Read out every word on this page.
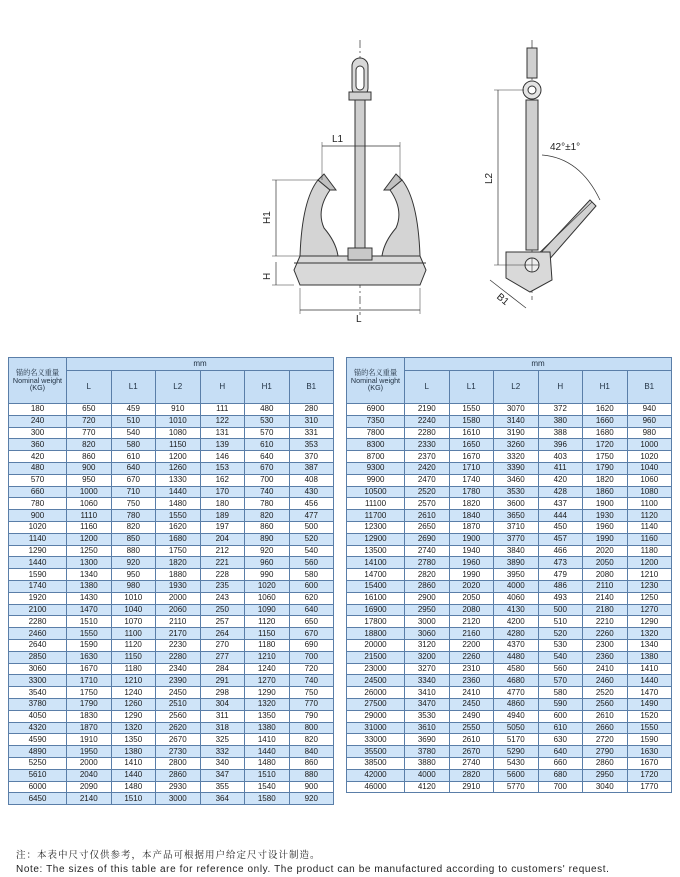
L1
H1
H
L
L2
42°±1°
B1
锚的名义重量 Nominal weight (KG)	mm					
	L	L1	L2	H	H1	B1
180	650	459	910	111	480	280
240	720	510	1010	122	530	310
300	770	540	1080	131	570	331
360	820	580	1150	139	610	353
420	860	610	1200	146	640	370
480	900	640	1260	153	670	387
570	950	670	1330	162	700	408
660	1000	710	1440	170	740	430
780	1060	750	1480	180	780	456
900	1110	780	1550	189	820	477
1020	1160	820	1620	197	860	500
1140	1200	850	1680	204	890	520
1290	1250	880	1750	212	920	540
1440	1300	920	1820	221	960	560
1590	1340	950	1880	228	990	580
1740	1380	980	1930	235	1020	600
1920	1430	1010	2000	243	1060	620
2100	1470	1040	2060	250	1090	640
2280	1510	1070	2110	257	1120	650
2460	1550	1100	2170	264	1150	670
2640	1590	1120	2230	270	1180	690
2850	1630	1150	2280	277	1210	700
3060	1670	1180	2340	284	1240	720
3300	1710	1210	2390	291	1270	740
3540	1750	1240	2450	298	1290	750
3780	1790	1260	2510	304	1320	770
4050	1830	1290	2560	311	1350	790
4320	1870	1320	2620	318	1380	800
4590	1910	1350	2670	325	1410	820
4890	1950	1380	2730	332	1440	840
5250	2000	1410	2800	340	1480	860
5610	2040	1440	2860	347	1510	880
6000	2090	1480	2930	355	1540	900
6450	2140	1510	3000	364	1580	920
锚的名义重量 Nominal weight (KG)	mm					
	L	L1	L2	H	H1	B1
6900	2190	1550	3070	372	1620	940
7350	2240	1580	3140	380	1660	960
7800	2280	1610	3190	388	1680	980
8300	2330	1650	3260	396	1720	1000
8700	2370	1670	3320	403	1750	1020
9300	2420	1710	3390	411	1790	1040
9900	2470	1740	3460	420	1820	1060
10500	2520	1780	3530	428	1860	1080
11100	2570	1820	3600	437	1900	1100
11700	2610	1840	3650	444	1930	1120
12300	2650	1870	3710	450	1960	1140
12900	2690	1900	3770	457	1990	1160
13500	2740	1940	3840	466	2020	1180
14100	2780	1960	3890	473	2050	1200
14700	2820	1990	3950	479	2080	1210
15400	2860	2020	4000	486	2110	1230
16100	2900	2050	4060	493	2140	1250
16900	2950	2080	4130	500	2180	1270
17800	3000	2120	4200	510	2210	1290
18800	3060	2160	4280	520	2260	1320
20000	3120	2200	4370	530	2300	1340
21500	3200	2260	4480	540	2360	1380
23000	3270	2310	4580	560	2410	1410
24500	3340	2360	4680	570	2460	1440
26000	3410	2410	4770	580	2520	1470
27500	3470	2450	4860	590	2560	1490
29000	3530	2490	4940	600	2610	1520
31000	3610	2550	5050	610	2660	1550
33000	3690	2610	5170	630	2720	1590
35500	3780	2670	5290	640	2790	1630
38500	3880	2740	5430	660	2860	1670
42000	4000	2820	5600	680	2950	1720
46000	4120	2910	5770	700	3040	1770
注：本表中尺寸仅供参考，本产品可根据用户给定尺寸设计制造。
Note: The sizes of this table are for reference only. The product can be manufactured according to customers' request.
